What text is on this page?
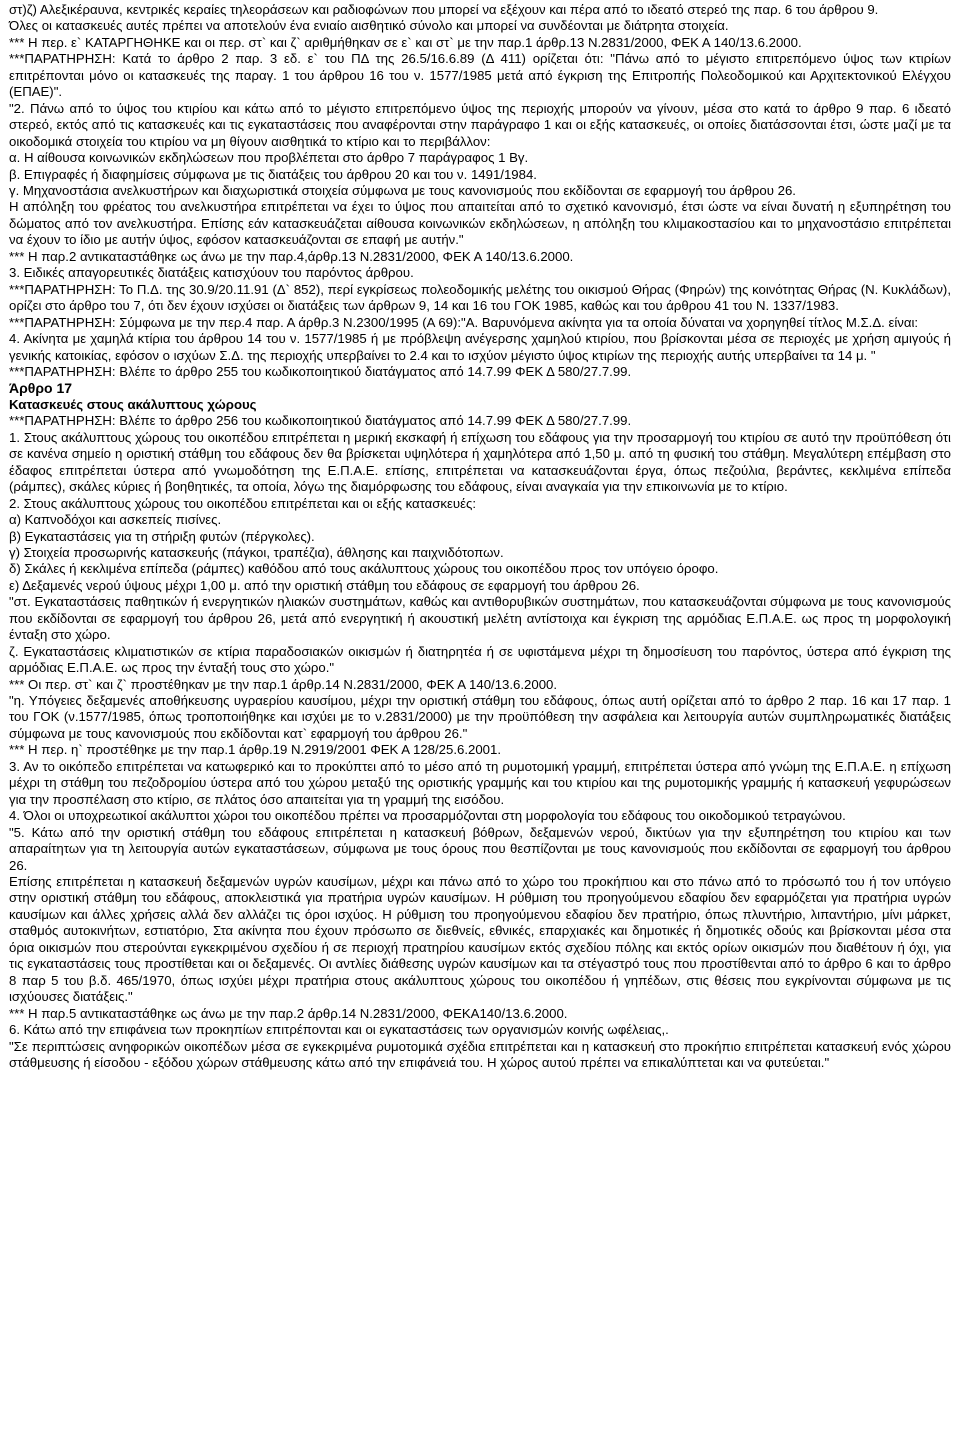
στ)ζ) Αλεξικέραυνα, κεντρικές κεραίες τηλεοράσεων και ραδιοφώνων που μπορεί να εξέχουν και πέρα από το ιδεατό στερεό της παρ. 6 του άρθρου 9.

Όλες οι κατασκευές αυτές πρέπει να αποτελούν ένα ενιαίο αισθητικό σύνολο και μπορεί να συνδέονται με διάτρητα στοιχεία.

*** Η περ. ε` ΚΑΤΑΡΓΗΘΗΚΕ και οι περ. στ` και ζ` αριθμήθηκαν σε ε` και στ` με την παρ.1 άρθρ.13 Ν.2831/2000, ΦΕΚ Α 140/13.6.2000.

***ΠΑΡΑΤΗΡΗΣΗ: Κατά το άρθρο 2 παρ. 3 εδ. ε` του ΠΔ της 26.5/16.6.89 (Δ 411) ορίζεται ότι: "Πάνω από το μέγιστο επιτρεπόμενο ύψος των κτιρίων επιτρέπονται μόνο οι κατασκευές της παραγ. 1 του άρθρου 16 του ν. 1577/1985 μετά από έγκριση της Επιτροπής Πολεοδομικού και Αρχιτεκτονικού Ελέγχου (ΕΠΑΕ)".

"2. Πάνω από το ύψος του κτιρίου και κάτω από το μέγιστο επιτρεπόμενο ύψος της περιοχής μπορούν να γίνουν, μέσα στο κατά το άρθρο 9 παρ. 6 ιδεατό στερεό, εκτός από τις κατασκευές και τις εγκαταστάσεις που αναφέρονται στην παράγραφο 1 και οι εξής κατασκευές, οι οποίες διατάσσονται έτσι, ώστε μαζί με τα οικοδομικά στοιχεία του κτιρίου να μη θίγουν αισθητικά το κτίριο και το περιβάλλον:

α. Η αίθουσα κοινωνικών εκδηλώσεων που προβλέπεται στο άρθρο 7 παράγραφος 1 Βγ.

β. Επιγραφές ή διαφημίσεις σύμφωνα με τις διατάξεις του άρθρου 20 και του ν. 1491/1984.

γ. Μηχανοστάσια ανελκυστήρων και διαχωριστικά στοιχεία σύμφωνα με τους κανονισμούς που εκδίδονται σε εφαρμογή του άρθρου 26.

Η απόληξη του φρέατος του ανελκυστήρα επιτρέπεται να έχει το ύψος που απαιτείται από το σχετικό κανονισμό, έτσι ώστε να είναι δυνατή η εξυπηρέτηση του δώματος από τον ανελκυστήρα. Επίσης εάν κατασκευάζεται αίθουσα κοινωνικών εκδηλώσεων, η απόληξη του κλιμακοστασίου και το μηχανοστάσιο επιτρέπεται να έχουν το ίδιο με αυτήν ύψος, εφόσον κατασκευάζονται σε επαφή με αυτήν."

*** Η παρ.2 αντικαταστάθηκε ως άνω με την παρ.4,άρθρ.13 Ν.2831/2000, ΦΕΚ Α 140/13.6.2000.

3. Ειδικές απαγορευτικές διατάξεις κατισχύουν του παρόντος άρθρου.

***ΠΑΡΑΤΗΡΗΣΗ: Το Π.Δ. της 30.9/20.11.91 (Δ` 852), περί εγκρίσεως πολεοδομικής μελέτης του οικισμού Θήρας (Φηρών) της κοινότητας Θήρας (Ν. Κυκλάδων), ορίζει στο άρθρο του 7, ότι δεν έχουν ισχύσει οι διατάξεις των άρθρων 9, 14 και 16 του ΓΟΚ 1985, καθώς και του άρθρου 41 του Ν. 1337/1983.

***ΠΑΡΑΤΗΡΗΣΗ: Σύμφωνα με την περ.4 παρ. Α άρθρ.3 Ν.2300/1995 (Α 69):"Α. Βαρυνόμενα ακίνητα για τα οποία δύναται να χορηγηθεί τίτλος Μ.Σ.Δ. είναι:

4. Ακίνητα με χαμηλά κτίρια του άρθρου 14 του ν. 1577/1985 ή με πρόβλεψη ανέγερσης χαμηλού κτιρίου, που βρίσκονται μέσα σε περιοχές με χρήση αμιγούς ή γενικής κατοικίας, εφόσον ο ισχύων Σ.Δ. της περιοχής υπερβαίνει το 2.4 και το ισχύον μέγιστο ύψος κτιρίων της περιοχής αυτής υπερβαίνει τα 14 μ. "

***ΠΑΡΑΤΗΡΗΣΗ: Βλέπε το άρθρο 255 του κωδικοποιητικού διατάγματος από 14.7.99 ΦΕΚ Δ 580/27.7.99.

Άρθρο 17

Κατασκευές στους ακάλυπτους χώρους

***ΠΑΡΑΤΗΡΗΣΗ: Βλέπε το άρθρο 256 του κωδικοποιητικού διατάγματος από 14.7.99 ΦΕΚ Δ 580/27.7.99.

1. Στους ακάλυπτους χώρους του οικοπέδου επιτρέπεται η μερική εκσκαφή ή επίχωση του εδάφους για την προσαρμογή του κτιρίου σε αυτό την προϋπόθεση ότι σε κανένα σημείο η οριστική στάθμη του εδάφους δεν θα βρίσκεται υψηλότερα ή χαμηλότερα από 1,50 μ. από τη φυσική του στάθμη. Μεγαλύτερη επέμβαση στο έδαφος επιτρέπεται ύστερα από γνωμοδότηση της Ε.Π.Α.Ε. επίσης, επιτρέπεται να κατασκευάζονται έργα, όπως πεζούλια, βεράντες, κεκλιμένα επίπεδα (ράμπες), σκάλες κύριες ή βοηθητικές, τα οποία, λόγω της διαμόρφωσης του εδάφους, είναι αναγκαία για την επικοινωνία με το κτίριο.

2. Στους ακάλυπτους χώρους του οικοπέδου επιτρέπεται και οι εξής κατασκευές:

α) Καπνοδόχοι και ασκεπείς πισίνες.

β) Εγκαταστάσεις για τη στήριξη φυτών (πέργκολες).

γ) Στοιχεία προσωρινής κατασκευής (πάγκοι, τραπέζια), άθλησης και παιχνιδότοπων.

δ) Σκάλες ή κεκλιμένα επίπεδα (ράμπες) καθόδου από τους ακάλυπτους χώρους του οικοπέδου προς τον υπόγειο όροφο.

ε) Δεξαμενές νερού ύψους μέχρι 1,00 μ. από την οριστική στάθμη του εδάφους σε εφαρμογή του άρθρου 26.

"στ. Εγκαταστάσεις παθητικών ή ενεργητικών ηλιακών συστημάτων, καθώς και αντιθορυβικών συστημάτων, που κατασκευάζονται σύμφωνα με τους κανονισμούς που εκδίδονται σε εφαρμογή του άρθρου 26, μετά από ενεργητική ή ακουστική μελέτη αντίστοιχα και έγκριση της αρμόδιας Ε.Π.Α.Ε. ως προς τη μορφολογική ένταξη στο χώρο.

ζ. Εγκαταστάσεις κλιματιστικών σε κτίρια παραδοσιακών οικισμών ή διατηρητέα ή σε υφιστάμενα μέχρι τη δημοσίευση του παρόντος, ύστερα από έγκριση της αρμόδιας Ε.Π.Α.Ε. ως προς την ένταξή τους στο χώρο."

*** Οι περ. στ` και ζ` προστέθηκαν με την παρ.1 άρθρ.14 Ν.2831/2000, ΦΕΚ Α 140/13.6.2000.

"η. Υπόγειες δεξαμενές αποθήκευσης υγραερίου καυσίμου, μέχρι την οριστική στάθμη του εδάφους, όπως αυτή ορίζεται από το άρθρο 2 παρ. 16 και 17 παρ. 1 του ΓΟΚ (ν.1577/1985, όπως τροποποιήθηκε και ισχύει με το ν.2831/2000) με την προϋπόθεση την ασφάλεια και λειτουργία αυτών συμπληρωματικές διατάξεις σύμφωνα με τους κανονισμούς που εκδίδονται κατ` εφαρμογή του άρθρου 26."

*** Η περ. η` προστέθηκε με την παρ.1 άρθρ.19 Ν.2919/2001 ΦΕΚ Α 128/25.6.2001.

3. Αν το οικόπεδο επιτρέπεται να κατωφερικό και το προκύπτει από το μέσο από τη ρυμοτομική γραμμή, επιτρέπεται ύστερα από γνώμη της Ε.Π.Α.Ε. η επίχωση μέχρι τη στάθμη του πεζοδρομίου ύστερα από του χώρου μεταξύ της οριστικής γραμμής και του κτιρίου και της ρυμοτομικής γραμμής ή κατασκευή γεφυρώσεων για την προσπέλαση στο κτίριο, σε πλάτος όσο απαιτείται για τη γραμμή της εισόδου.

4. Όλοι οι υποχρεωτικοί ακάλυπτοι χώροι του οικοπέδου πρέπει να προσαρμόζονται στη μορφολογία του εδάφους του οικοδομικού τετραγώνου.

"5. Κάτω από την οριστική στάθμη του εδάφους επιτρέπεται η κατασκευή βόθρων, δεξαμενών νερού, δικτύων για την εξυπηρέτηση του κτιρίου και των απαραίτητων για τη λειτουργία αυτών εγκαταστάσεων, σύμφωνα με τους όρους που θεσπίζονται με τους κανονισμούς που εκδίδονται σε εφαρμογή του άρθρου 26.

Επίσης επιτρέπεται η κατασκευή δεξαμενών υγρών καυσίμων, μέχρι και πάνω από το χώρο του προκήπιου και στο πάνω από το πρόσωπό του ή τον υπόγειο στην οριστική στάθμη του εδάφους, αποκλειστικά για πρατήρια υγρών καυσίμων. Η ρύθμιση του προηγούμενου εδαφίου δεν εφαρμόζεται για πρατήρια υγρών καυσίμων και άλλες χρήσεις αλλά δεν αλλάζει τις όροι ισχύος. Η ρύθμιση του προηγούμενου εδαφίου δεν πρατήριο, όπως πλυντήριο, λιπαντήριο, μίνι μάρκετ, σταθμός αυτοκινήτων, εστιατόριο, Στα ακίνητα που έχουν πρόσωπο σε διεθνείς, εθνικές, επαρχιακές και δημοτικές ή δημοτικές οδούς και βρίσκονται μέσα στα όρια οικισμών που στερούνται εγκεκριμένου σχεδίου ή σε περιοχή πρατηρίου καυσίμων εκτός σχεδίου πόλης και εκτός ορίων οικισμών που διαθέτουν ή όχι, για τις εγκαταστάσεις τους προστίθεται και οι δεξαμενές. Οι αντλίες διάθεσης υγρών καυσίμων και τα στέγαστρό τους που προστίθενται από το άρθρο 6 και το άρθρο 8 παρ 5 του β.δ. 465/1970, όπως ισχύει μέχρι πρατήρια στους ακάλυπτους χώρους του οικοπέδου ή γηπέδων, στις θέσεις που εγκρίνονται σύμφωνα με τις ισχύουσες διατάξεις."

*** Η παρ.5 αντικαταστάθηκε ως άνω με την παρ.2 άρθρ.14 Ν.2831/2000, ΦΕΚΑ140/13.6.2000.

6. Κάτω από την επιφάνεια των προκηπίων επιτρέπονται και οι εγκαταστάσεις των οργανισμών κοινής ωφέλειας,.

"Σε περιπτώσεις ανηφορικών οικοπέδων μέσα σε εγκεκριμένα ρυμοτομικά σχέδια επιτρέπεται και η κατασκευή στο προκήπιο επιτρέπεται κατασκευή ενός χώρου στάθμευσης ή είσοδου - εξόδου χώρων στάθμευσης κάτω από την επιφάνειά του. Η χώρος αυτού πρέπει να επικαλύπτεται και να φυτεύεται."
